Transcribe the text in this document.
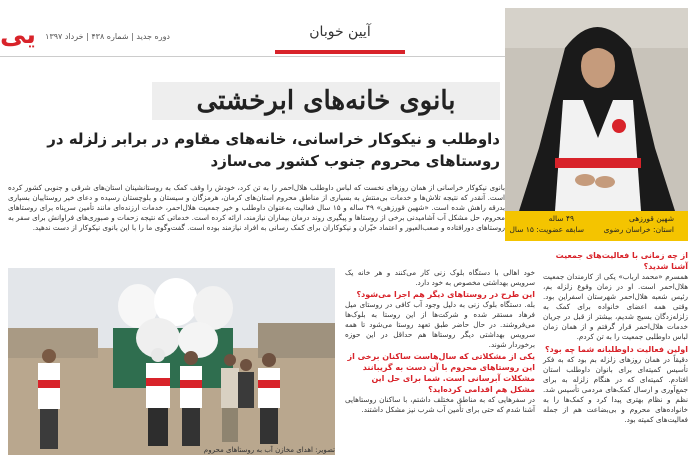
یی	دوره جدید | شماره ۴۳۸ | خرداد ۱۳۹۷	آیین خوبان
شهین قورزهی
۴۹ ساله
استان: خراسان رضوی
سابقه عضویت: ۱۵ سال
بانوی خانه‌های ابرخشتی
داوطلب و نیکوکار خراسانی، خانه‌های مقاوم در برابر زلزله در روستاهای محروم جنوب کشور می‌سازد
بانوی نیکوکار خراسانی از همان روزهای نخست که لباس داوطلب هلال‌احمر را به تن کرد، خودش را وقف کمک به روستانشینان استان‌های شرقی و جنوبی کشور کرده است. آنقدر که نتیجه تلاش‌ها و خدمات بی‌منتش به بسیاری از مناطق محروم استان‌های کرمان، هرمزگان و سیستان و بلوچستان رسیده و دعای خیر روستاییان بسیاری بدرقه راهش شده است. «شهین قورزهی» ۴۹ ساله و ۱۵ سال فعالیت به‌عنوان داوطلب و خیر جمعیت هلال‌احمر، خدمات ارزنده‌ای مانند تأمین سرپناه برای روستاهای محروم، حل مشکل آب آشامیدنی برخی از روستاها و پیگیری روند درمان بیماران نیازمند، ارائه کرده است. خدماتی که نتیجه زحمات و صبوری‌های فراوانش برای سفر به روستاهای دورافتاده و صعب‌العبور و اعتماد خیّران و نیکوکاران برای کمک رسانی به افراد نیازمند بوده است. گفت‌وگوی ما را با این بانوی نیکوکار از دست ندهید.
از چه زمانی با فعالیت‌های جمعیت آشنا شدید؟
همسرم «محمد ارباب» یکی از کارمندان جمعیت هلال‌احمر است. او در زمان وقوع زلزله بم، رئیس شعبه هلال‌احمر شهرستان اسفراین بود. وقتی همه اعضای خانواده برای کمک به زلزله‌زدگان بسیج شدیم، بیشتر از قبل در جریان خدمات هلال‌احمر قرار گرفتم و از همان زمان لباس داوطلبی جمعیت را به تن کردم.
اولین فعالیت داوطلبانه شما چه بود؟
دقیقاً در همان روزهای زلزله بم بود که به فکر تأسیس کمیته‌ای برای بانوان داوطلب استان افتادم. کمیته‌ای که در هنگام زلزله به برای جمع‌آوری و ارسال کمک‌های مردمی تأسیس شد. نظم و نظام بهتری پیدا کرد و کمک‌ها را به خانواده‌های محروم و بی‌بضاعت هم از جمله فعالیت‌های کمیته بود.
خود اهالی با دستگاه بلوک زنی کار می‌کنند و هر خانه یک سرویس بهداشتی مخصوص به خود دارد.
این طرح در روستاهای دیگر هم اجرا می‌شود؟
بله. دستگاه بلوک زنی به دلیل وجود آب کافی در روستای میل فرهاد مستقر شده و شرکت‌ها از این روستا به بلوک‌ها می‌فروشند. در حال حاضر طبق تعهد روستا می‌شود تا همه سرویس بهداشتی دیگر روستاها هم حداقل در این حوزه برخوردار شوند.
یکی از مشکلاتی که سال‌هاست ساکنان برخی از این روستاهای محروم با آن دست به گریبانند مشکلات آبرسانی است. شما برای حل این مشکل هم اقدامی کرده‌اید؟
در سفرهایی که به مناطق مختلف داشتم، با ساکنان روستاهایی آشنا شدم که حتی برای تأمین آب شرب نیز مشکل داشتند.
تصویر: اهدای مخازن آب به روستاهای محروم
